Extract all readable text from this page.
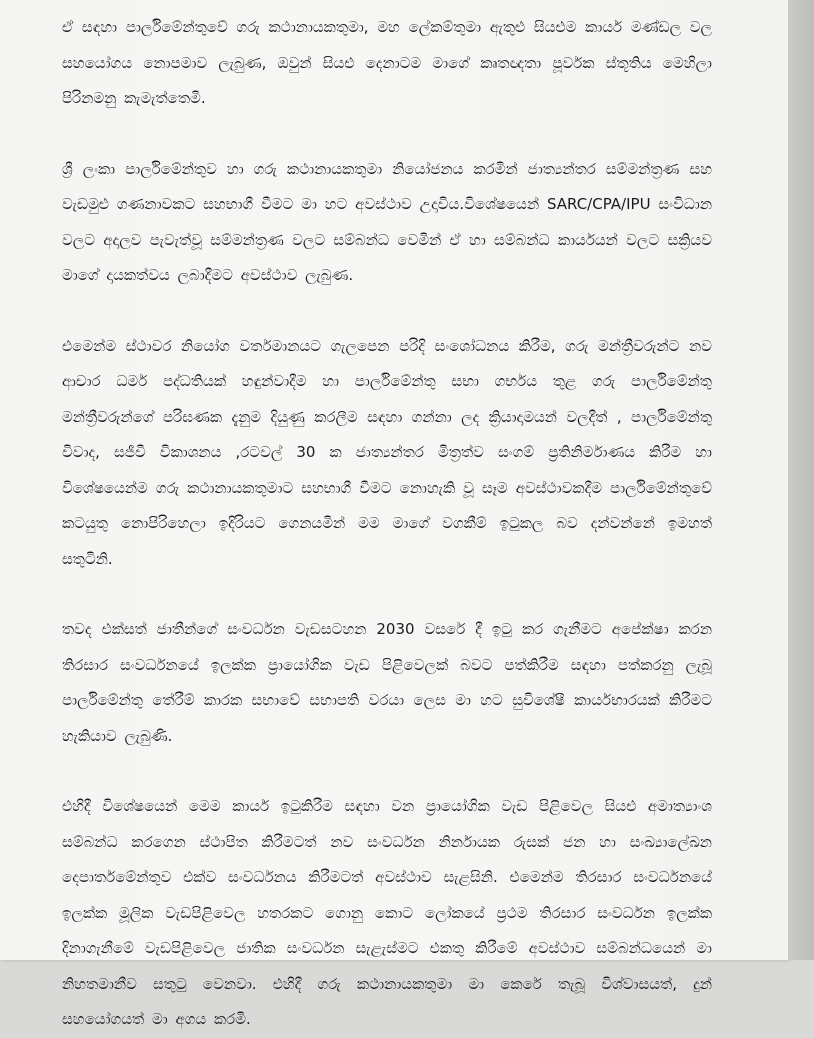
ඒ සඳහා පාර්ලිමේන්තුවේ ගරු කථානායකතුමා, මහ ලේකම්තුමා ඇතුළු සියළුම කාර්ය මණ්ඩල වල සහයෝගය නොපමාව ලැබුණ, ඔවුන් සියළු දෙනාටම මාගේ කෘතඥතා පූර්වක ස්තූතිය මෙහිලා පිරිනමනු කැමැත්තෙමි.

ශ්‍රී ලංකා පාර්ලිමේන්තුව හා ගරු කථානායකතුමා නියෝජනය කරමින් ජාත්‍යන්තර සම්මන්ත්‍රණ සහ වැඩමුළු ගණනාවකට සහභාගී වීමට මා හට අවස්ථාව උදාවිය.විශේෂයෙන් SARC/CPA/IPU සංවිධාන වලට අදාලව පැවැත්වූ සම්මන්ත්‍රණ වලට සම්බන්ධ වෙමින් ඒ හා සම්බන්ධ කාර්යයන් වලට සක්‍රියව මාගේ දායකත්වය ලබාදීමට අවස්ථාව ලැබුණ.

එමෙන්ම ස්ථාවර නියෝග වර්තමානයට ගැලපෙන පරිදි සංශෝධනය කිරීම, ගරු මන්ත්‍රීවරුන්ට නව ආචාර ධර්ම පද්ධතියක් හඳුන්වාදීම හා පාර්ලිමේන්තු සභා ගර්භය තුළ ගරු පාර්ලිමේන්තු මන්ත්‍රීවරුන්ගේ පරිඝණක දැනුම දියුණු කරලීම සඳහා ගන්නා ලද ක්‍රියාදාමයන් වලදීත් , පාර්ලිමේන්තු විවාද, සජීවී විකාශනය ,රටවල් 30 ක ජාත්‍යන්තර මිත්‍රත්ව සංගම් ප්‍රතිනිර්මාණය කිරීම හා විශේෂයෙන්ම ගරු කථානායකතුමාට සහභාගී වීමට නොහැකි වූ සෑම අවස්ථාවකදීම පාර්ලිමේන්තුවේ කටයුතු නොපිරිහෙලා ඉදිරියට ගෙනයමින් මම මාගේ වගකීම් ඉටුකල බව දන්වන්නේ ඉමහත් සතුටිනි.

තවද එක්සත් ජාතීන්ගේ සංවර්ධන වැඩසටහන 2030 වසරේ දී ඉටු කර ගැනීමට අපේක්ෂා කරන තිරසාර සංවර්ධනයේ ඉලක්ක ප්‍රායෝගික වැඩ පිළිවෙලක් බවට පත්කිරීම සඳහා පත්කරනු ලැබූ පාර්ලිමේන්තු තේරීම් කාරක සභාවේ සභාපති වරයා ලෙස මා හට සුවිශේෂී කාර්යභාරයක් කිරීමට හැකියාව ලැබුණි.

එහිදී විශේෂයෙන් මෙම කාර්ය ඉටුකිරීම සඳහා වන ප්‍රායෝගික වැඩ පිළිවෙල සියළු අමාත්‍යාංශ සම්බන්ධ කරගෙන ස්ථාපිත කිරීමටත් නව සංවර්ධන නිර්නායක රුසක් ජන හා සංඛ්‍යාලේඛන දෙපාර්තමේන්තුව එක්ව සංවර්ධනය කිරීමටත් අවස්ථාව සැළසිනි. එමෙන්ම තිරසාර සංවර්ධනයේ ඉලක්ක මූලික වැඩපිළිවෙල හතරකට ගොනු කොට ලෝකයේ ප්‍රථම තිරසාර සංවර්ධන ඉලක්ක දිනාගැනීමේ වැඩපිළිවෙල ජාතික සංවර්ධන සැළැස්මට එකතු කිරීමේ අවස්ථාව සම්බන්ධයෙන් මා නිහතමානීව සතුටු වෙනවා. එහිදී ගරු කථානායකතුමා මා කෙරේ තැබූ විශ්වාසයත්, දුන් සහයෝගයත් මා අගය කරමි.
